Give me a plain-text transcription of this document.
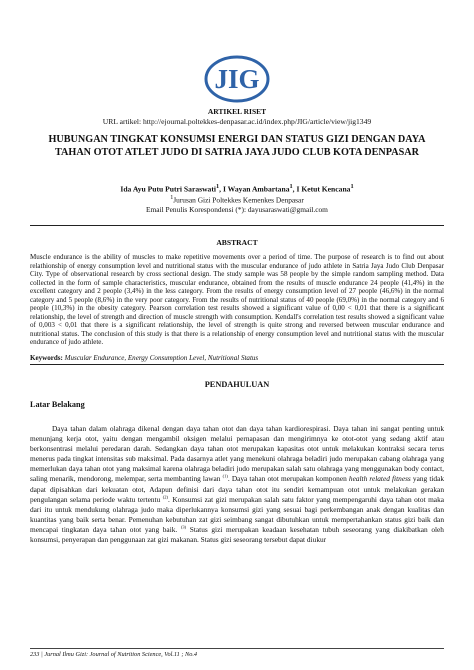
JIG
ARTIKEL RISET
URL artikel: http://ejournal.poltekkes-denpasar.ac.id/index.php/JIG/article/view/jig1349
HUBUNGAN TINGKAT KONSUMSI ENERGI DAN STATUS GIZI DENGAN DAYA TAHAN OTOT ATLET JUDO DI SATRIA JAYA JUDO CLUB KOTA DENPASAR
Ida Ayu Putu Putri Saraswati$^1$, I Wayan Ambartana$^1$, I Ketut Kencana$^1$
$^1$Jurusan Gizi Poltekkes Kemenkes Denpasar
Email Penulis Korespondensi (*): dayusaraswati@gmail.com
ABSTRACT

Muscle endurance is the ability of muscles to make repetitive movements over a period of time. The purpose of research is to find out about relathionship of energy consumption level and nutritional status with the muscular endurance of judo athlete in Satria Jaya Judo Club Denpasar City. Type of observational research by cross sectional design. The study sample was 58 people by the simple random sampling method. Data collected in the form of sample characteristics, muscular endurance, obtained from the results of muscle endurance 24 people (41,4%) in the excellent category and 2 people (3,4%) in the less category. From the results of energy consumption level of 27 people (46,6%) in the normal category and 5 people (8,6%) in the very poor category. From the results of nutritional status of 40 people (69,0%) in the normal category and 6 people (10,3%) in the obesity category. Pearson correlation test results showed a significant value of 0,00 < 0,01 that there is a significant relationship, the level of strength and direction of muscle strength with consumption. Kendall's correlation test results showed a significant value of 0,003 < 0,01 that there is a significant relationship, the level of strength is quite strong and reversed between muscular endurance and nutritional status. The conclusion of this study is that there is a relationship of energy consumption level and nutritional status with the muscular endurance of judo athlete.

Keywords: Muscular Endurance, Energy Consumption Level, Nutritional Status
PENDAHULUAN
Latar Belakang

Daya tahan dalam olahraga dikenal dengan daya tahan otot dan daya tahan kardiorespirasi. Daya tahan ini sangat penting untuk menunjang kerja otot, yaitu dengan mengambil oksigen melalui pernapasan dan mengirimnya ke otot-otot yang sedang aktif atau berkonsentrasi melalui peredaran darah. Sedangkan daya tahan otot merupakan kapasitas otot untuk melakukan kontraksi secara terus menerus pada tingkat intensitas sub maksimal. Pada dasarnya atlet yang menekuni olahraga beladiri judo merupakan cabang olahraga yang memerlukan daya tahan otot yang maksimal karena olahraga beladiri judo merupakan salah satu olahraga yang menggunakan body contact, saling menarik, mendorong, melempar, serta membanting lawan $^{(1)}$. Daya tahan otot merupakan komponen health related fitness yang tidak dapat dipisahkan dari kekuatan otot, Adapun definisi dari daya tahan otot itu sendiri kemampuan otot untuk melakukan gerakan pengulangan selama periode waktu tertentu $^{(2)}$. Konsumsi zat gizi merupakan salah satu faktor yang mempengaruhi daya tahan otot maka dari itu untuk mendukung olahraga judo maka diperlukannya konsumsi gizi yang sesuai bagi perkembangan anak dengan kualitas dan kuantitas yang baik serta benar. Pemenuhan kebutuhan zat gizi seimbang sangat dibutuhkan untuk mempertahankan status gizi baik dan mencapai tingkatan daya tahan otot yang baik. $^{(3)}$ Status gizi merupakan keadaan kesehatan tubuh seseorang yang diakibatkan oleh konsumsi, penyerapan dan penggunaan zat gizi makanan. Status gizi seseorang tersebut dapat diukur

233 | Jurnal Ilmu Gizi: Journal of Nutrition Science, Vol.11 ; No.4
